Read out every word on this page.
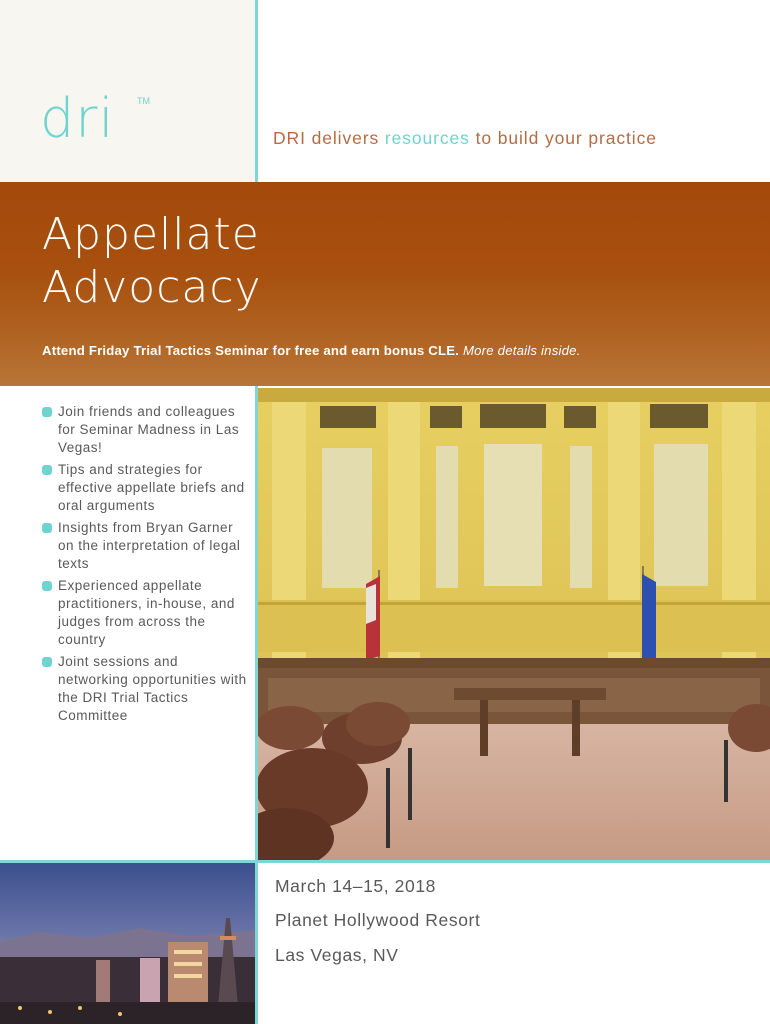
dri	TM
DRI delivers resources to build your practice
Appellate
Advocacy
Attend Friday Trial Tactics Seminar for free and earn bonus CLE. More details inside.
Join friends and colleagues for Seminar Madness in Las Vegas!
Tips and strategies for effective appellate briefs and oral arguments
Insights from Bryan Garner on the interpretation of legal texts
Experienced appellate practitioners, in-house, and judges from across the country
Joint sessions and networking opportunities with the DRI Trial Tactics Committee
March 14–15, 2018
Planet Hollywood Resort
Las Vegas, NV
